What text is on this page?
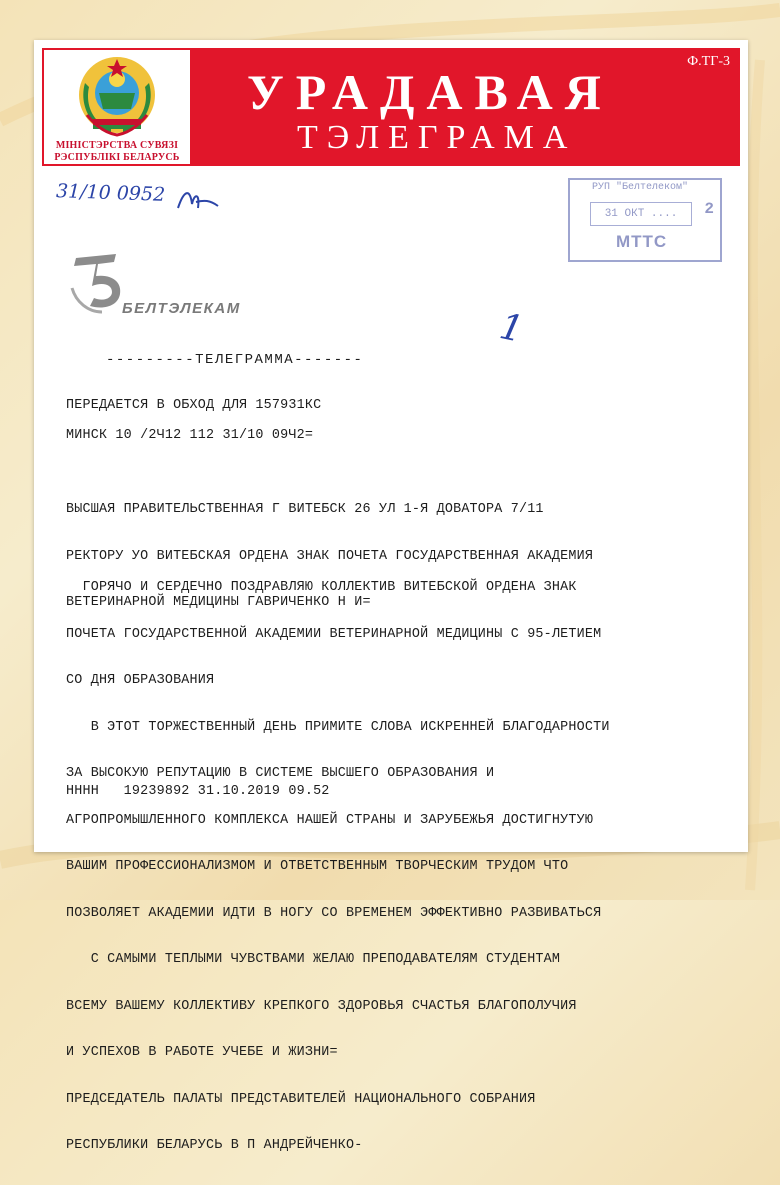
МІНІСТЭРСТВА СУВЯЗІ
РЭСПУБЛІКІ БЕЛАРУСЬ
Ф.ТГ-3
УРАДАВАЯ
ТЭЛЕГРАМА
31/10 0952	РУП "Белтелеком"
31 ОКТ ....	2
МТТС
БЕЛТЭЛЕКАМ
---------ТЕЛЕГРАММА-------
1
ПЕРЕДАЕТСЯ В ОБХОД ДЛЯ 157931КС
МИНСК 10 /2Ч12 112 31/10 09Ч2=

ВЫСШАЯ ПРАВИТЕЛЬСТВЕННАЯ Г ВИТЕБСК 26 УЛ 1-Я ДОВАТОРА 7/11

РЕКТОРУ УО ВИТЕБСКАЯ ОРДЕНА ЗНАК ПОЧЕТА ГОСУДАРСТВЕННАЯ АКАДЕМИЯ

ВЕТЕРИНАРНОЙ МЕДИЦИНЫ ГАВРИЧЕНКО Н И=

ГОРЯЧО И СЕРДЕЧНО ПОЗДРАВЛЯЮ КОЛЛЕКТИВ ВИТЕБСКОЙ ОРДЕНА ЗНАК

ПОЧЕТА ГОСУДАРСТВЕННОЙ АКАДЕМИИ ВЕТЕРИНАРНОЙ МЕДИЦИНЫ С 95-ЛЕТИЕМ

СО ДНЯ ОБРАЗОВАНИЯ

В ЭТОТ ТОРЖЕСТВЕННЫЙ ДЕНЬ ПРИМИТЕ СЛОВА ИСКРЕННЕЙ БЛАГОДАРНОСТИ

ЗА ВЫСОКУЮ РЕПУТАЦИЮ В СИСТЕМЕ ВЫСШЕГО ОБРАЗОВАНИЯ И

АГРОПРОМЫШЛЕННОГО КОМПЛЕКСА НАШЕЙ СТРАНЫ И ЗАРУБЕЖЬЯ ДОСТИГНУТУЮ

ВАШИМ ПРОФЕССИОНАЛИЗМОМ И ОТВЕТСТВЕННЫМ ТВОРЧЕСКИМ ТРУДОМ ЧТО

ПОЗВОЛЯЕТ АКАДЕМИИ ИДТИ В НОГУ СО ВРЕМЕНЕМ ЭФФЕКТИВНО РАЗВИВАТЬСЯ

С САМЫМИ ТЕПЛЫМИ ЧУВСТВАМИ ЖЕЛАЮ ПРЕПОДАВАТЕЛЯМ СТУДЕНТАМ

ВСЕМУ ВАШЕМУ КОЛЛЕКТИВУ КРЕПКОГО ЗДОРОВЬЯ СЧАСТЬЯ БЛАГОПОЛУЧИЯ

И УСПЕХОВ В РАБОТЕ УЧЕБЕ И ЖИЗНИ=

ПРЕДСЕДАТЕЛЬ ПАЛАТЫ ПРЕДСТАВИТЕЛЕЙ НАЦИОНАЛЬНОГО СОБРАНИЯ

РЕСПУБЛИКИ БЕЛАРУСЬ В П АНДРЕЙЧЕНКО-

НННН   19239892 31.10.2019 09.52
